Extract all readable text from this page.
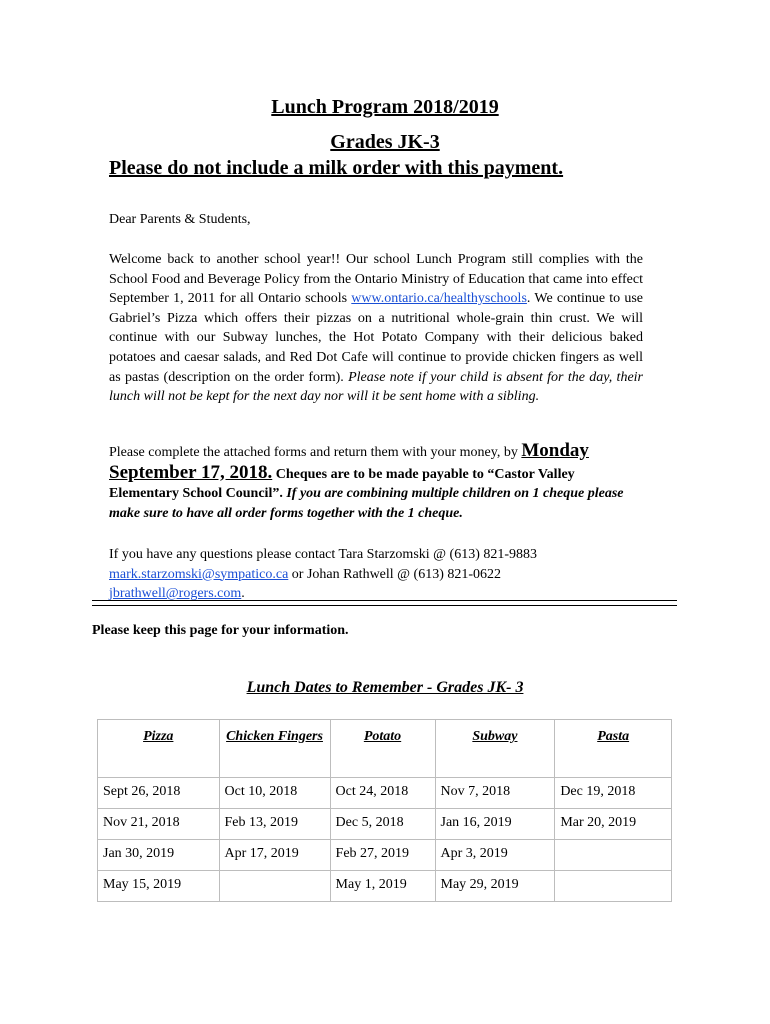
Lunch Program 2018/2019
Grades JK-3
Please do not include a milk order with this payment.
Dear Parents & Students,
Welcome back to another school year!! Our school Lunch Program still complies with the School Food and Beverage Policy from the Ontario Ministry of Education that came into effect September 1, 2011 for all Ontario schools www.ontario.ca/healthyschools. We continue to use Gabriel’s Pizza which offers their pizzas on a nutritional whole-grain thin crust. We will continue with our Subway lunches, the Hot Potato Company with their delicious baked potatoes and caesar salads, and Red Dot Cafe will continue to provide chicken fingers as well as pastas (description on the order form). Please note if your child is absent for the day, their lunch will not be kept for the next day nor will it be sent home with a sibling.
Please complete the attached forms and return them with your money, by Monday September 17, 2018. Cheques are to be made payable to “Castor Valley Elementary School Council”. If you are combining multiple children on 1 cheque please make sure to have all order forms together with the 1 cheque.
If you have any questions please contact Tara Starzomski @ (613) 821-9883
mark.starzomski@sympatico.ca or Johan Rathwell @ (613) 821-0622
jbrathwell@rogers.com.
Please keep this page for your information.
Lunch Dates to Remember - Grades JK- 3
Pizza	Chicken Fingers	Potato	Subway	Pasta
Sept 26, 2018	Oct 10, 2018	Oct 24, 2018	Nov 7, 2018	Dec 19, 2018
Nov 21, 2018	Feb 13, 2019	Dec 5, 2018	Jan 16, 2019	Mar 20, 2019
Jan 30, 2019	Apr 17, 2019	Feb 27, 2019	Apr 3, 2019	
May 15, 2019		May 1, 2019	May 29, 2019	
